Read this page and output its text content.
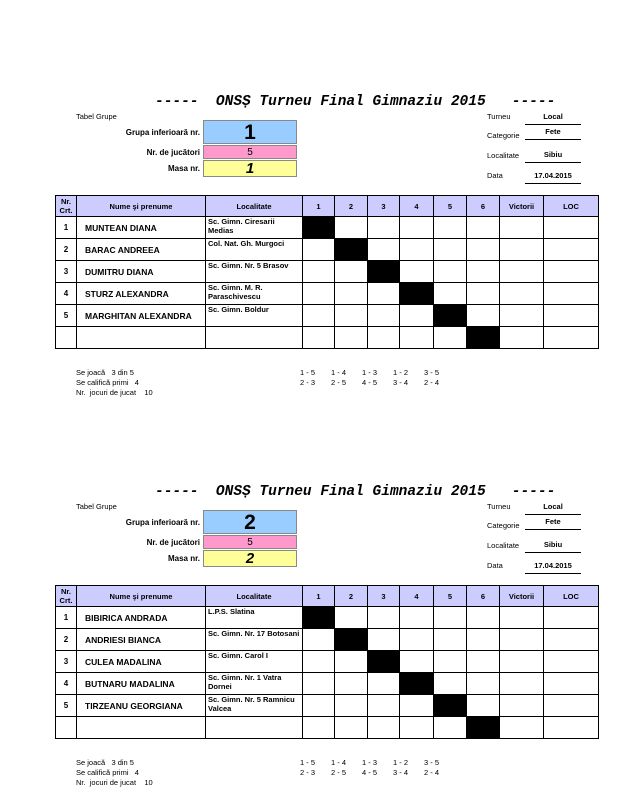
-----  ONSȘ Turneu Final Gimnaziu 2015   -----
Tabel Grupe
Grupa inferioară nr.	1
Nr. de jucători	5
Masa nr.	1
Turneu	Local
Categorie	Fete
Localitate	Sibiu
Data	17.04.2015
Nr. Crt.	Nume şi prenume	Localitate	1	2	3	4	5	6	Victorii	LOC
1	MUNTEAN DIANA	Sc. Gimn. Ciresarii Medias								
2	BARAC ANDREEA	Col. Nat. Gh. Murgoci								
3	DUMITRU DIANA	Sc. Gimn. Nr. 5 Brasov								
4	STURZ ALEXANDRA	Sc. Gimn. M. R. Paraschivescu								
5	MARGHITAN ALEXANDRA	Sc. Gimn. Boldur								

Se joacă   3 din 5
Se califică primi   4
Nr.  jocuri de jucat    10
1 - 5 1 - 4 1 - 3 1 - 2 3 - 5
2 - 3 2 - 5 4 - 5 3 - 4 2 - 4
-----  ONSȘ Turneu Final Gimnaziu 2015   -----
Tabel Grupe
Grupa inferioară nr.	2
Nr. de jucători	5
Masa nr.	2
Turneu	Local
Categorie	Fete
Localitate	Sibiu
Data	17.04.2015
Nr. Crt.	Nume şi prenume	Localitate	1	2	3	4	5	6	Victorii	LOC
1	BIBIRICA ANDRADA	L.P.S. Slatina								
2	ANDRIESI BIANCA	Sc. Gimn. Nr. 17 Botosani								
3	CULEA MADALINA	Sc. Gimn. Carol I								
4	BUTNARU MADALINA	Sc. Gimn. Nr. 1 Vatra Dornei								
5	TIRZEANU GEORGIANA	Sc. Gimn. Nr. 5 Ramnicu Valcea								

Se joacă   3 din 5
Se califică primi   4
Nr.  jocuri de jucat    10
1 - 5 1 - 4 1 - 3 1 - 2 3 - 5
2 - 3 2 - 5 4 - 5 3 - 4 2 - 4
